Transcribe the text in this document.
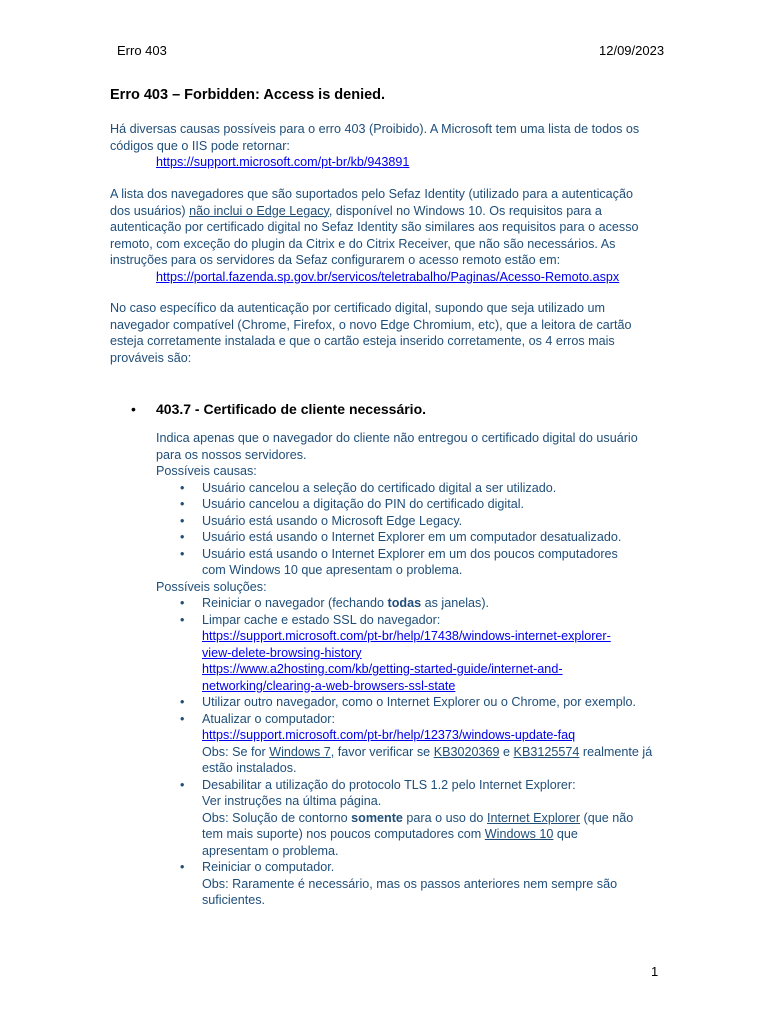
Erro 403	12/09/2023
Erro 403 – Forbidden: Access is denied.
Há diversas causas possíveis para o erro 403 (Proibido). A Microsoft tem uma lista de todos os
códigos que o IIS pode retornar:
https://support.microsoft.com/pt-br/kb/943891
A lista dos navegadores que são suportados pelo Sefaz Identity (utilizado para a autenticação
dos usuários) não inclui o Edge Legacy, disponível no Windows 10. Os requisitos para a
autenticação por certificado digital no Sefaz Identity são similares aos requisitos para o acesso
remoto, com exceção do plugin da Citrix e do Citrix Receiver, que não são necessários. As
instruções para os servidores da Sefaz configurarem o acesso remoto estão em:
https://portal.fazenda.sp.gov.br/servicos/teletrabalho/Paginas/Acesso-Remoto.aspx
No caso específico da autenticação por certificado digital, supondo que seja utilizado um
navegador compatível (Chrome, Firefox, o novo Edge Chromium, etc), que a leitora de cartão
esteja corretamente instalada e que o cartão esteja inserido corretamente, os 4 erros mais
prováveis são:
• 403.7 - Certificado de cliente necessário.
Indica apenas que o navegador do cliente não entregou o certificado digital do usuário
para os nossos servidores.
Possíveis causas:
• Usuário cancelou a seleção do certificado digital a ser utilizado.
• Usuário cancelou a digitação do PIN do certificado digital.
• Usuário está usando o Microsoft Edge Legacy.
• Usuário está usando o Internet Explorer em um computador desatualizado.
• Usuário está usando o Internet Explorer em um dos poucos computadores
com Windows 10 que apresentam o problema.
Possíveis soluções:
• Reiniciar o navegador (fechando todas as janelas).
• Limpar cache e estado SSL do navegador:
https://support.microsoft.com/pt-br/help/17438/windows-internet-explorer-
view-delete-browsing-history
https://www.a2hosting.com/kb/getting-started-guide/internet-and-
networking/clearing-a-web-browsers-ssl-state
• Utilizar outro navegador, como o Internet Explorer ou o Chrome, por exemplo.
• Atualizar o computador:
https://support.microsoft.com/pt-br/help/12373/windows-update-faq
Obs: Se for Windows 7, favor verificar se KB3020369 e KB3125574 realmente já
estão instalados.
• Desabilitar a utilização do protocolo TLS 1.2 pelo Internet Explorer:
Ver instruções na última página.
Obs: Solução de contorno somente para o uso do Internet Explorer (que não
tem mais suporte) nos poucos computadores com Windows 10 que
apresentam o problema.
• Reiniciar o computador.
Obs: Raramente é necessário, mas os passos anteriores nem sempre são
suficientes.
1
